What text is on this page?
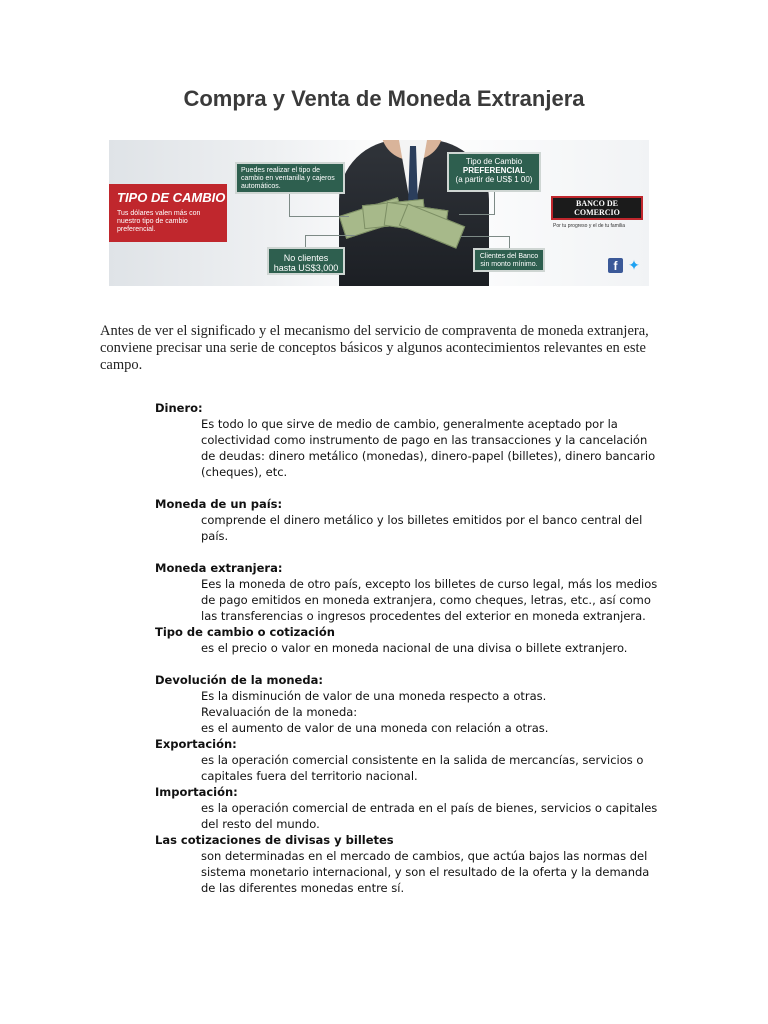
Compra y Venta de Moneda Extranjera
TIPO DE CAMBIO
Tus dólares valen más con nuestro tipo de cambio preferencial.
Puedes realizar el tipo de cambio en ventanilla y cajeros automáticos.
Tipo de Cambio
PREFERENCIAL
(a partir de US$ 1 00)
No clientes hasta US$3,000
Clientes del Banco sin monto mínimo.
BANCO DE
COMERCIO
Por tu progreso y el de tu familia
f ✦
Antes de ver el significado y el mecanismo del servicio de compraventa de moneda extranjera, conviene precisar una serie de conceptos básicos y algunos acontecimientos relevantes en este campo.

Dinero:

Es todo lo que sirve de medio de cambio, generalmente aceptado por la colectividad como instrumento de pago en las transacciones y la cancelación de deudas: dinero metálico (monedas), dinero-papel (billetes), dinero bancario (cheques), etc.

Moneda de un país:

comprende el dinero metálico y los billetes emitidos por el banco central del país.

Moneda extranjera:

Ees la moneda de otro país, excepto los billetes de curso legal, más los medios de pago emitidos en moneda extranjera, como cheques, letras, etc., así como las transferencias o ingresos procedentes del exterior en moneda extranjera.

Tipo de cambio o cotización

es el precio o valor en moneda nacional de una divisa o billete extranjero.

Devolución de la moneda:

Es la disminución de valor de una moneda respecto a otras.

Revaluación de la moneda:

es el aumento de valor de una moneda con relación a otras.

Exportación:

es la operación comercial consistente en la salida de mercancías, servicios o capitales fuera del territorio nacional.

Importación:

es la operación comercial de entrada en el país de bienes, servicios o capitales del resto del mundo.

Las cotizaciones de divisas y billetes

son determinadas en el mercado de cambios, que actúa bajos las normas del sistema monetario internacional, y son el resultado de la oferta y la demanda de las diferentes monedas entre sí.
